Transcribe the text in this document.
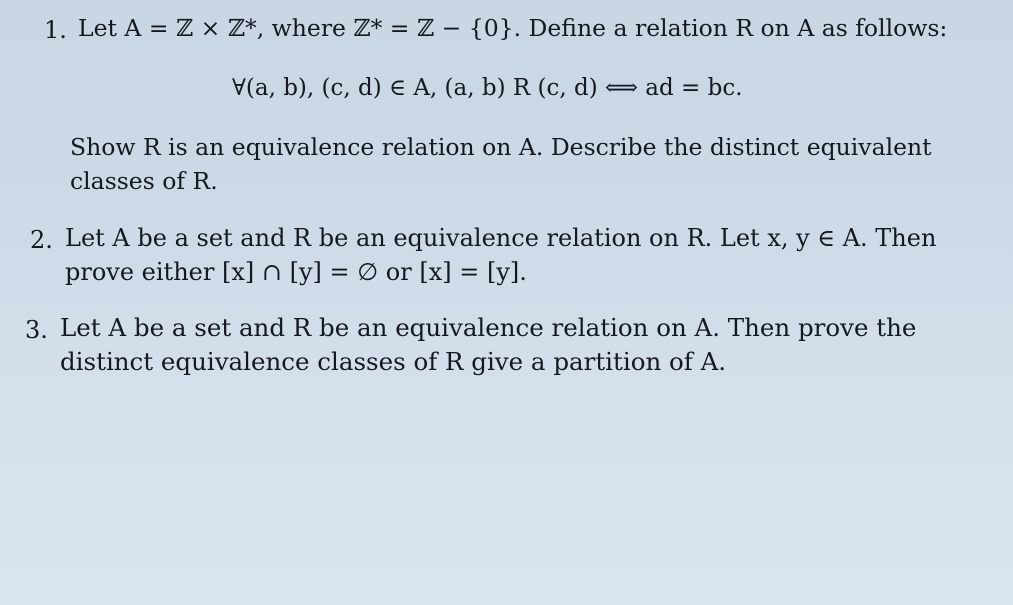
1. Let A = ℤ × ℤ*, where ℤ* = ℤ − {0}. Define a relation R on A as follows:
∀(a, b), (c, d) ∈ A, (a, b) R (c, d) ⟺ ad = bc.
Show R is an equivalence relation on A. Describe the distinct equivalent
classes of R.
2. Let A be a set and R be an equivalence relation on R. Let x, y ∈ A. Then
prove either [x] ∩ [y] = ∅ or [x] = [y].
3. Let A be a set and R be an equivalence relation on A. Then prove the
distinct equivalence classes of R give a partition of A.
